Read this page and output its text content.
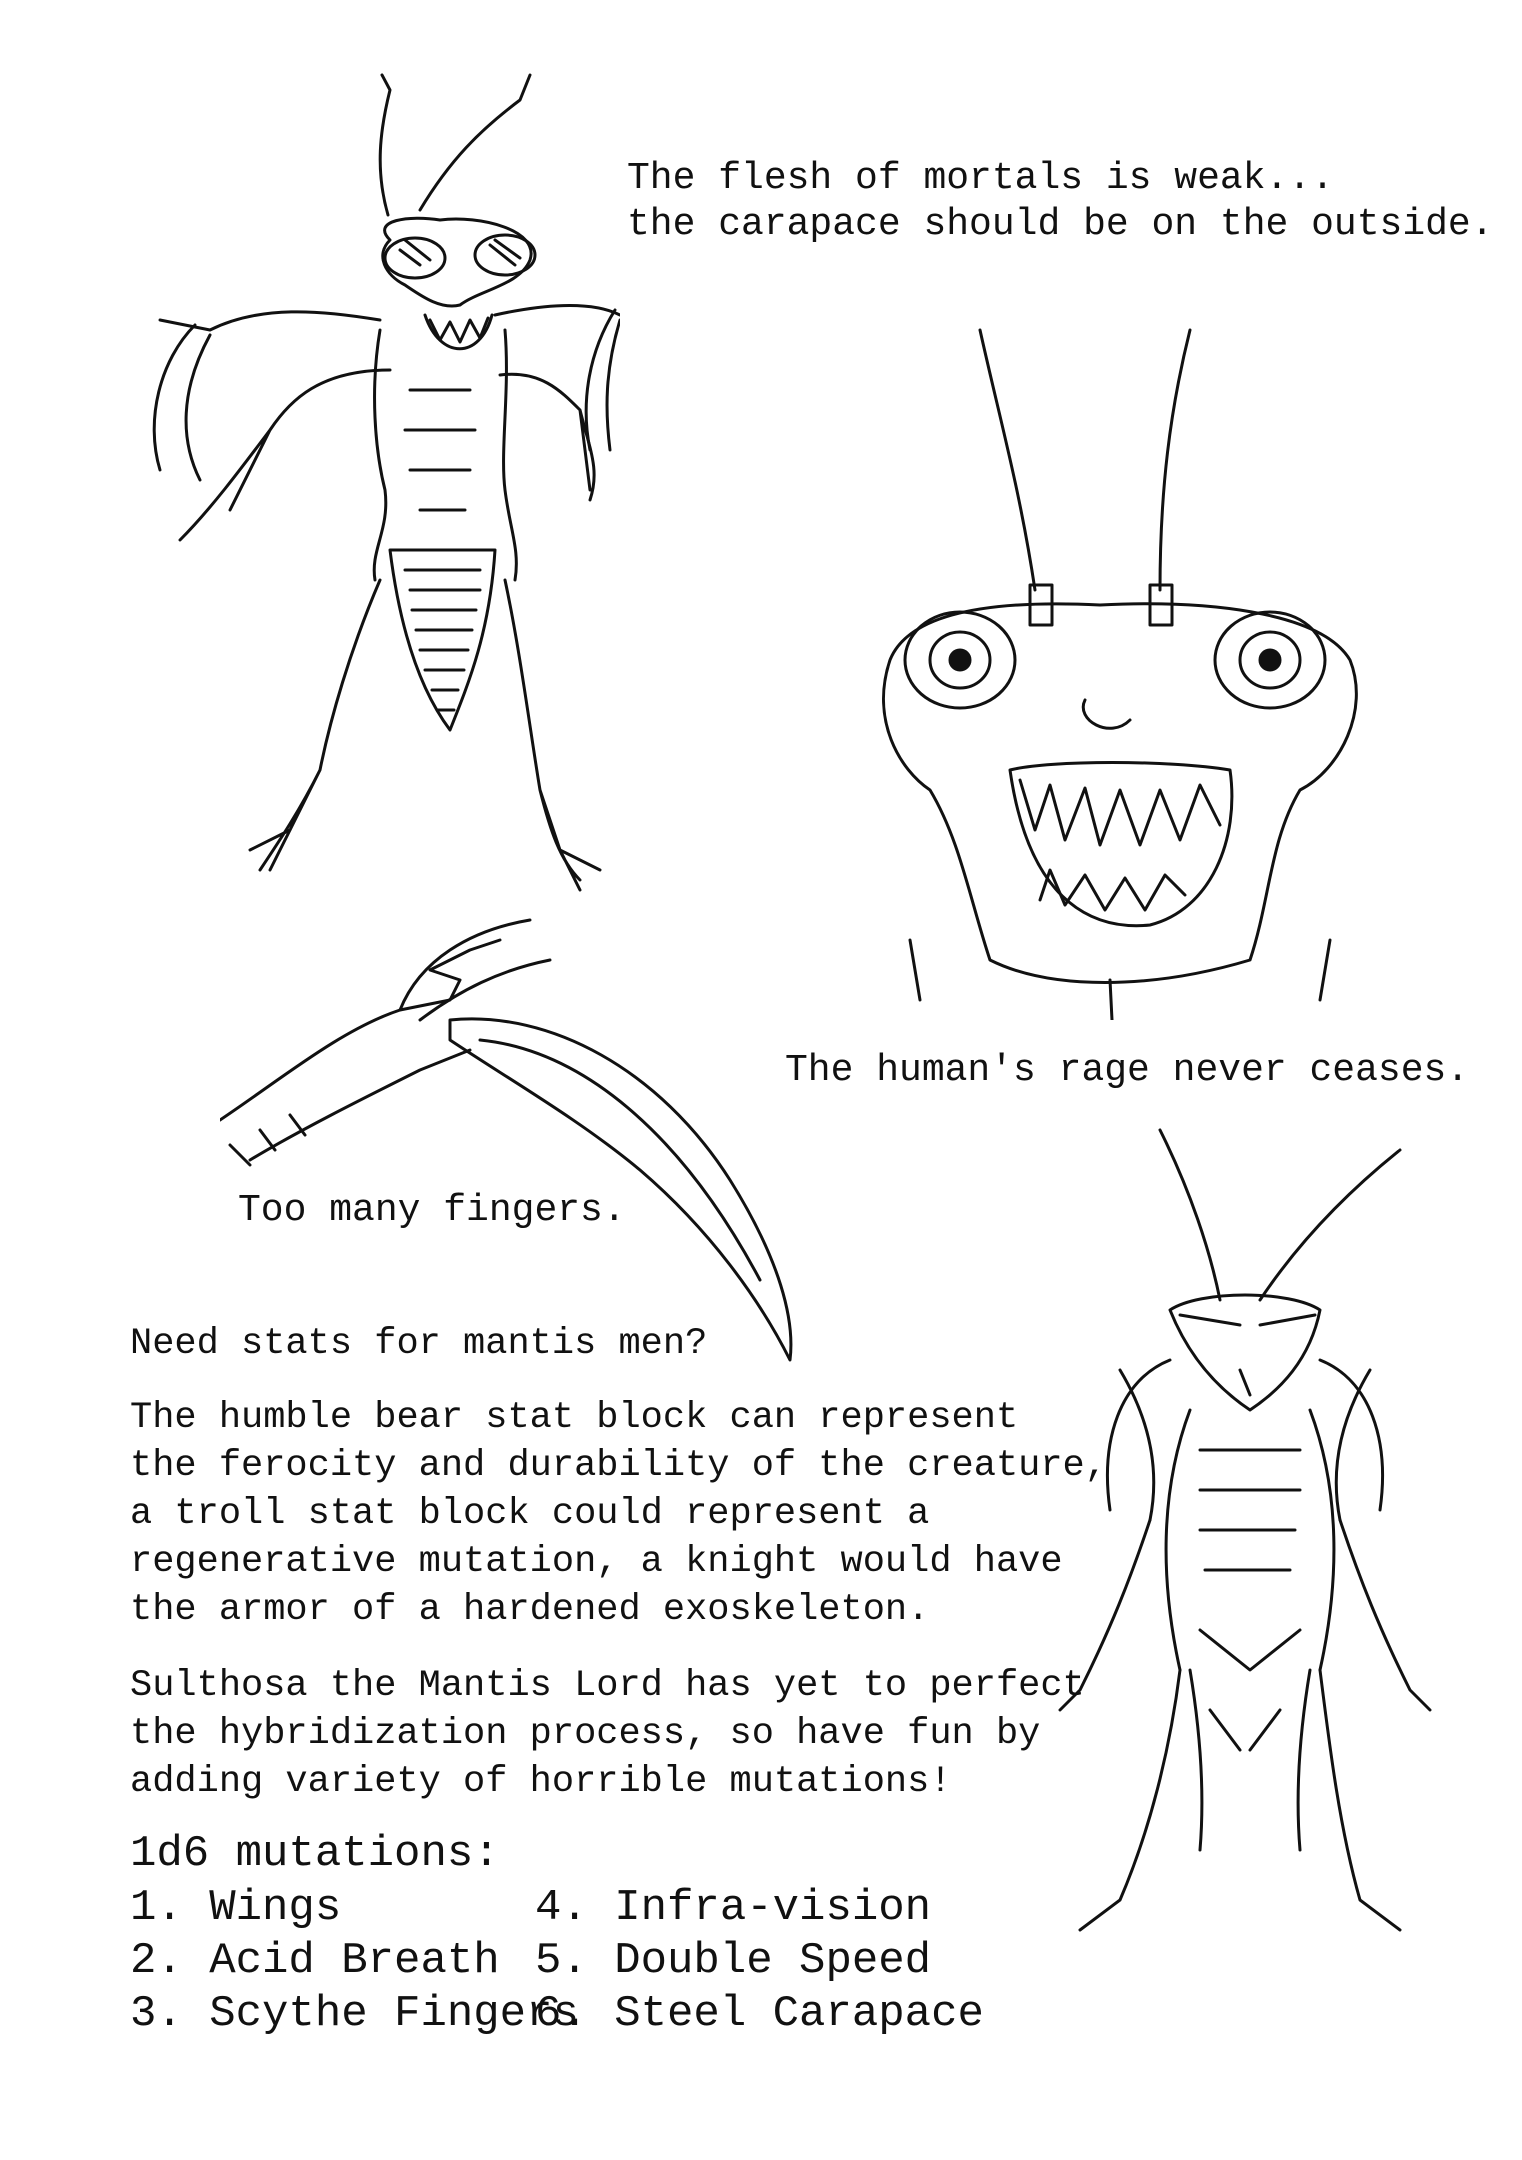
The flesh of mortals is weak...
the carapace should be on the outside.
The human's rage never ceases.
Too many fingers.
Need stats for mantis men?
The humble bear stat block can represent
the ferocity and durability of the creature,
a troll stat block could represent a
regenerative mutation, a knight would have
the armor of a hardened exoskeleton.
Sulthosa the Mantis Lord has yet to perfect
the hybridization process, so have fun by
adding variety of horrible mutations!
1d6 mutations:
1. Wings	4. Infra-vision
2. Acid Breath 5. Double Speed
3. Scythe Fingers
6. Steel Carapace
